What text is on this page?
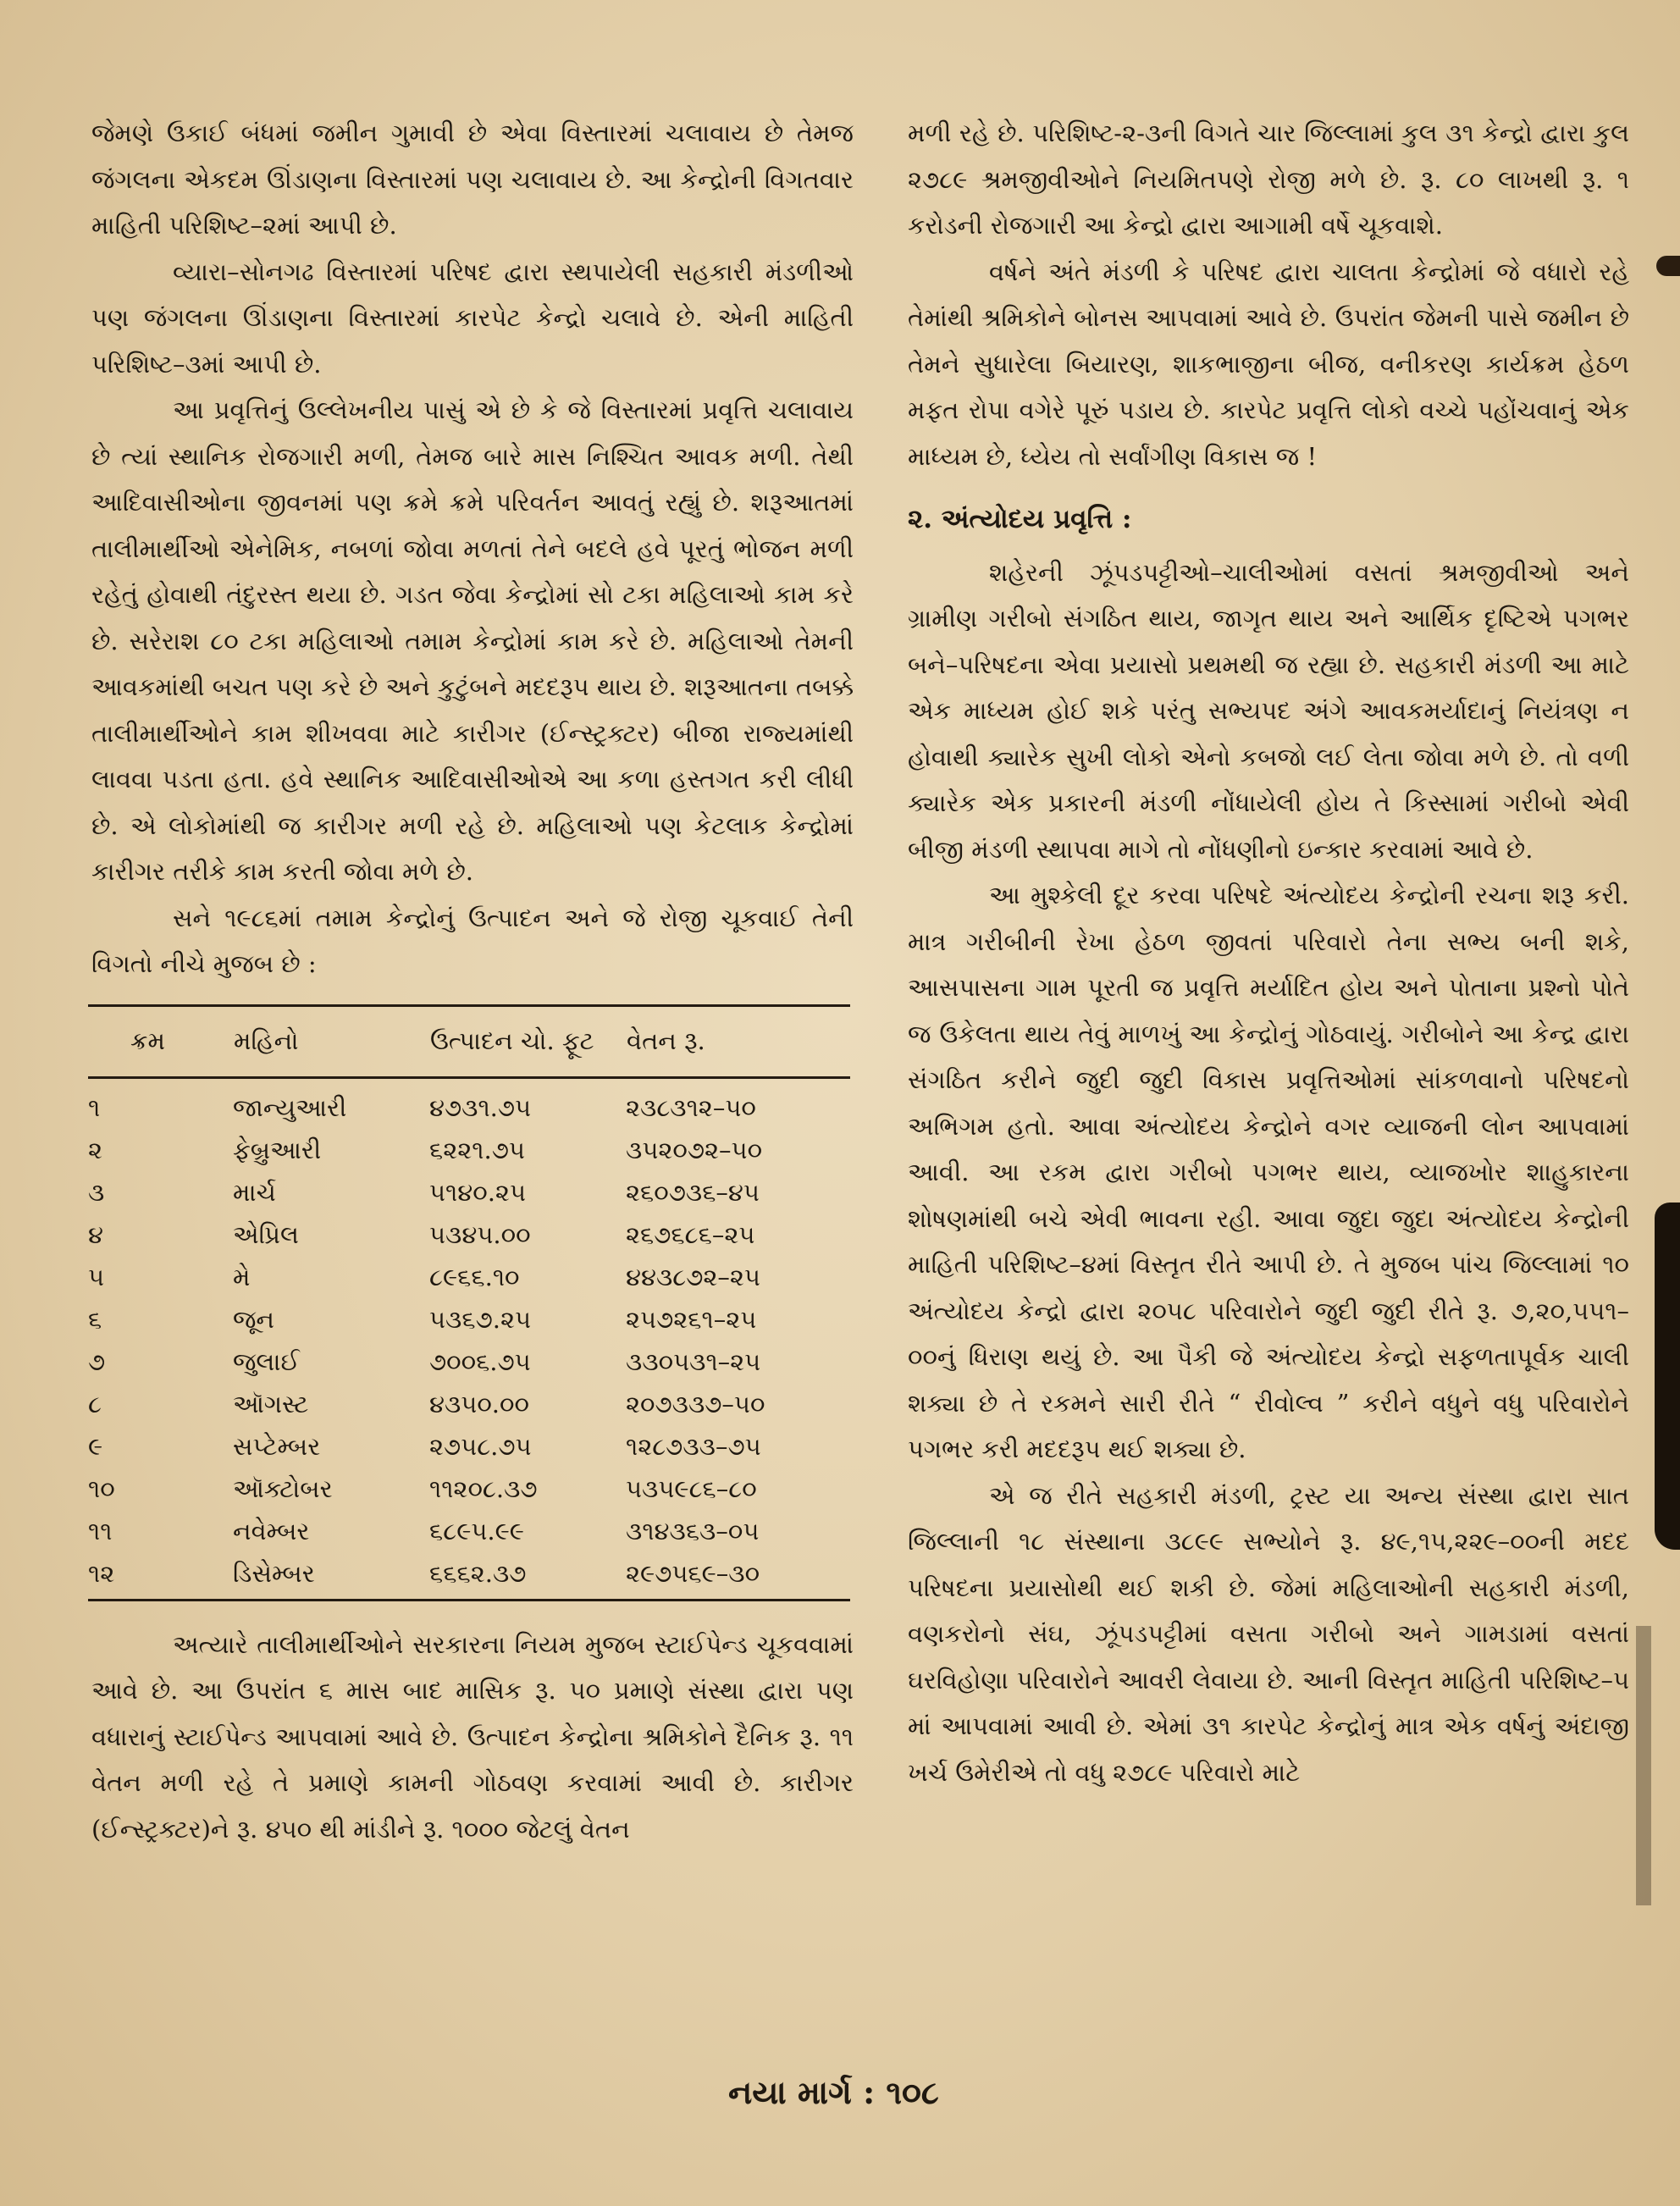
જેમણે ઉકાઈ બંધમાં જમીન ગુમાવી છે એવા વિસ્તારમાં ચલાવાય છે તેમજ જંગલના એકદમ ઊંડાણના વિસ્તારમાં પણ ચલાવાય છે. આ કેન્દ્રોની વિગતવાર માહિતી પરિશિષ્ટ–૨માં આપી છે.

વ્યારા–સોનગઢ વિસ્તારમાં પરિષદ દ્વારા સ્થપાયેલી સહકારી મંડળીઓ પણ જંગલના ઊંડાણના વિસ્તારમાં કારપેટ કેન્દ્રો ચલાવે છે. એની માહિતી પરિશિષ્ટ–૩માં આપી છે.

આ પ્રવૃત્તિનું ઉલ્લેખનીય પાસું એ છે કે જે વિસ્તારમાં પ્રવૃત્તિ ચલાવાય છે ત્યાં સ્થાનિક રોજગારી મળી, તેમજ બારે માસ નિશ્ચિત આવક મળી. તેથી આદિવાસીઓના જીવનમાં પણ ક્રમે ક્રમે પરિવર્તન આવતું રહ્યું છે. શરૂઆતમાં તાલીમાર્થીઓ એનેમિક, નબળાં જોવા મળતાં તેને બદલે હવે પૂરતું ભોજન મળી રહેતું હોવાથી તંદુરસ્ત થયા છે. ગડત જેવા કેન્દ્રોમાં સો ટકા મહિલાઓ કામ કરે છે. સરેરાશ ૮૦ ટકા મહિલાઓ તમામ કેન્દ્રોમાં કામ કરે છે. મહિલાઓ તેમની આવકમાંથી બચત પણ કરે છે અને કુટુંબને મદદરૂપ થાય છે. શરૂઆતના તબક્કે તાલીમાર્થીઓને કામ શીખવવા માટે કારીગર (ઈન્સ્ટ્રક્ટર) બીજા રાજ્યમાંથી લાવવા પડતા હતા. હવે સ્થાનિક આદિવાસીઓએ આ કળા હસ્તગત કરી લીધી છે. એ લોકોમાંથી જ કારીગર મળી રહે છે. મહિલાઓ પણ કેટલાક કેન્દ્રોમાં કારીગર તરીકે કામ કરતી જોવા મળે છે.

સને ૧૯૮૬માં તમામ કેન્દ્રોનું ઉત્પાદન અને જે રોજી ચૂકવાઈ તેની વિગતો નીચે મુજબ છે :

ક્રમ	મહિનો	ઉત્પાદન ચો. ફૂટ	વેતન રૂ.
૧	જાન્યુઆરી	૪૭૩૧.૭૫	૨૩૮૩૧૨–૫૦
૨	ફેબ્રુઆરી	૬૨૨૧.૭૫	૩૫૨૦૭૨–૫૦
૩	માર્ચ	૫૧૪૦.૨૫	૨૬૦૭૩૬–૪૫
૪	એપ્રિલ	૫૩૪૫.૦૦	૨૬૭૬૮૬–૨૫
૫	મે	૮૯૬૬.૧૦	૪૪૩૮૭૨–૨૫
૬	જૂન	૫૩૬૭.૨૫	૨૫૭૨૬૧–૨૫
૭	જુલાઈ	૭૦૦૬.૭૫	૩૩૦૫૩૧–૨૫
૮	ઑગસ્ટ	૪૩૫૦.૦૦	૨૦૭૩૩૭–૫૦
૯	સપ્ટેમ્બર	૨૭૫૮.૭૫	૧૨૮૭૩૩–૭૫
૧૦	ઑક્ટોબર	૧૧૨૦૮.૩૭	૫૩૫૯૮૬–૮૦
૧૧	નવેમ્બર	૬૮૯૫.૯૯	૩૧૪૩૬૩–૦૫
૧૨	ડિસેમ્બર	૬૬૬૨.૩૭	૨૯૭૫૬૯–૩૦

અત્યારે તાલીમાર્થીઓને સરકારના નિયમ મુજબ સ્ટાઈપેન્ડ ચૂકવવામાં આવે છે. આ ઉપરાંત ૬ માસ બાદ માસિક રૂ. ૫૦ પ્રમાણે સંસ્થા દ્વારા પણ વધારાનું સ્ટાઈપેન્ડ આપવામાં આવે છે. ઉત્પાદન કેન્દ્રોના શ્રમિકોને દૈનિક રૂ. ૧૧ વેતન મળી રહે તે પ્રમાણે કામની ગોઠવણ કરવામાં આવી છે. કારીગર (ઈન્સ્ટ્રક્ટર)ને રૂ. ૪૫૦ થી માંડીને રૂ. ૧૦૦૦ જેટલું વેતન

મળી રહે છે. પરિશિષ્ટ-૨-૩ની વિગતે ચાર જિલ્લામાં કુલ ૩૧ કેન્દ્રો દ્વારા કુલ ૨૭૮૯ શ્રમજીવીઓને નિયમિતપણે રોજી મળે છે. રૂ. ૮૦ લાખથી રૂ. ૧ કરોડની રોજગારી આ કેન્દ્રો દ્વારા આગામી વર્ષે ચૂકવાશે.

વર્ષને અંતે મંડળી કે પરિષદ દ્વારા ચાલતા કેન્દ્રોમાં જે વધારો રહે તેમાંથી શ્રમિકોને બોનસ આપવામાં આવે છે. ઉપરાંત જેમની પાસે જમીન છે તેમને સુધારેલા બિયારણ, શાકભાજીના બીજ, વનીકરણ કાર્યક્રમ હેઠળ મફત રોપા વગેરે પૂરું પડાય છે. કારપેટ પ્રવૃત્તિ લોકો વચ્ચે પહોંચવાનું એક માધ્યમ છે, ધ્યેય તો સર્વાંગીણ વિકાસ જ !

૨. અંત્યોદય પ્રવૃત્તિ :

શહેરની ઝૂંપડપટ્ટીઓ–ચાલીઓમાં વસતાં શ્રમજીવીઓ અને ગ્રામીણ ગરીબો સંગઠિત થાય, જાગૃત થાય અને આર્થિક દૃષ્ટિએ પગભર બને–પરિષદના એવા પ્રયાસો પ્રથમથી જ રહ્યા છે. સહકારી મંડળી આ માટે એક માધ્યમ હોઈ શકે પરંતુ સભ્યપદ અંગે આવકમર્યાદાનું નિયંત્રણ ન હોવાથી ક્યારેક સુખી લોકો એનો કબજો લઈ લેતા જોવા મળે છે. તો વળી ક્યારેક એક પ્રકારની મંડળી નોંધાયેલી હોય તે કિસ્સામાં ગરીબો એવી બીજી મંડળી સ્થાપવા માગે તો નોંધણીનો ઇન્કાર કરવામાં આવે છે.

આ મુશ્કેલી દૂર કરવા પરિષદે અંત્યોદય કેન્દ્રોની રચના શરૂ કરી. માત્ર ગરીબીની રેખા હેઠળ જીવતાં પરિવારો તેના સભ્ય બની શકે, આસપાસના ગામ પૂરતી જ પ્રવૃત્તિ મર્યાદિત હોય અને પોતાના પ્રશ્નો પોતે જ ઉકેલતા થાય તેવું માળખું આ કેન્દ્રોનું ગોઠવાયું. ગરીબોને આ કેન્દ્ર દ્વારા સંગઠિત કરીને જુદી જુદી વિકાસ પ્રવૃત્તિઓમાં સાંકળવાનો પરિષદનો અભિગમ હતો. આવા અંત્યોદય કેન્દ્રોને વગર વ્યાજની લોન આપવામાં આવી. આ રકમ દ્વારા ગરીબો પગભર થાય, વ્યાજખોર શાહુકારના શોષણમાંથી બચે એવી ભાવના રહી. આવા જુદા જુદા અંત્યોદય કેન્દ્રોની માહિતી પરિશિષ્ટ–૪માં વિસ્તૃત રીતે આપી છે. તે મુજબ પાંચ જિલ્લામાં ૧૦ અંત્યોદય કેન્દ્રો દ્વારા ૨૦૫૮ પરિવારોને જુદી જુદી રીતે રૂ. ૭,૨૦,૫૫૧–૦૦નું ધિરાણ થયું છે. આ પૈકી જે અંત્યોદય કેન્દ્રો સફળતાપૂર્વક ચાલી શક્યા છે તે રકમને સારી રીતે “ રીવોલ્વ ” કરીને વધુને વધુ પરિવારોને પગભર કરી મદદરૂપ થઈ શક્યા છે.

એ જ રીતે સહકારી મંડળી, ટ્રસ્ટ યા અન્ય સંસ્થા દ્વારા સાત જિલ્લાની ૧૮ સંસ્થાના ૩૮૯૯ સભ્યોને રૂ. ૪૯,૧૫,૨૨૯–૦૦ની મદદ પરિષદના પ્રયાસોથી થઈ શકી છે. જેમાં મહિલાઓની સહકારી મંડળી, વણકરોનો સંઘ, ઝૂંપડપટ્ટીમાં વસતા ગરીબો અને ગામડામાં વસતાં ઘરવિહોણા પરિવારોને આવરી લેવાયા છે. આની વિસ્તૃત માહિતી પરિશિષ્ટ–૫ માં આપવામાં આવી છે. એમાં ૩૧ કારપેટ કેન્દ્રોનું માત્ર એક વર્ષનું અંદાજી ખર્ચ ઉમેરીએ તો વધુ ૨૭૮૯ પરિવારો માટે

નયા માર્ગ : ૧૦૮
